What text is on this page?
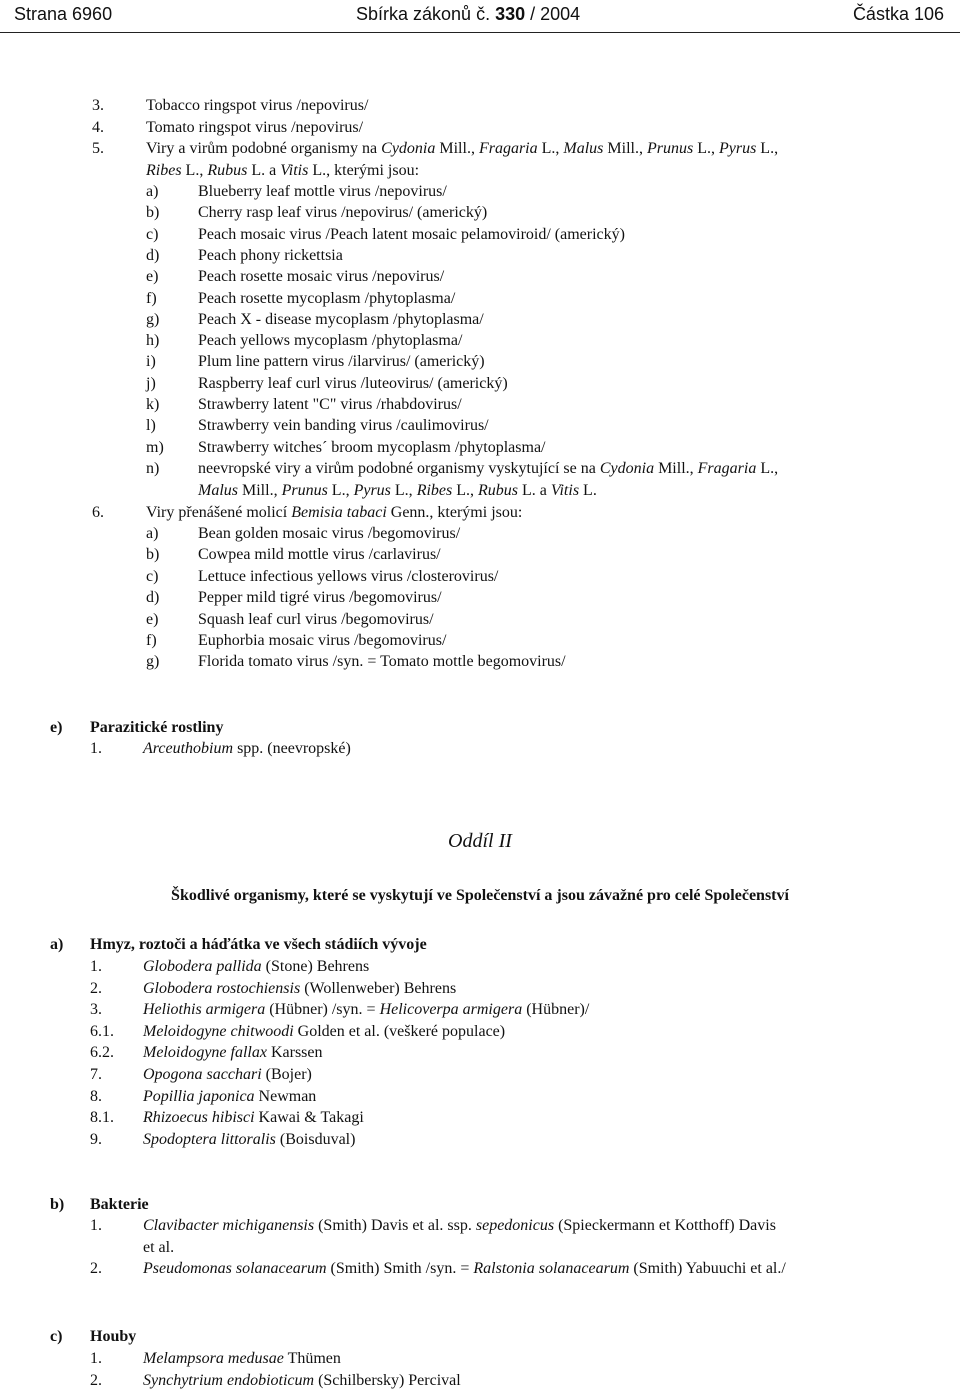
Strana 6960	Sbírka zákonů č. 330 / 2004	Částka 106
3.	Tobacco ringspot virus /nepovirus/
4.	Tomato ringspot virus /nepovirus/
5.	Viry a virům podobné organismy na Cydonia Mill., Fragaria L., Malus Mill., Prunus L., Pyrus L.,
Ribes L., Rubus L. a Vitis L., kterými jsou:
a) Blueberry leaf mottle virus /nepovirus/
b) Cherry rasp leaf virus /nepovirus/ (americký)
c) Peach mosaic virus /Peach latent mosaic pelamoviroid/ (americký)
d) Peach phony rickettsia
e) Peach rosette mosaic virus /nepovirus/
f)	Peach rosette mycoplasm /phytoplasma/
g) Peach X - disease mycoplasm /phytoplasma/
h) Peach yellows mycoplasm /phytoplasma/
i)	Plum line pattern virus /ilarvirus/ (americký)
j)	Raspberry leaf curl virus /luteovirus/ (americký)
k) Strawberry latent "C" virus /rhabdovirus/
l)	Strawberry vein banding virus /caulimovirus/
m) Strawberry witches´ broom mycoplasm /phytoplasma/
n) neevropské viry a virům podobné organismy vyskytující se na Cydonia Mill., Fragaria L.,
Malus Mill., Prunus L., Pyrus L., Ribes L., Rubus L. a Vitis L.
6.	Viry přenášené molicí Bemisia tabaci Genn., kterými jsou:
a) Bean golden mosaic virus /begomovirus/
b) Cowpea mild mottle virus /carlavirus/
c) Lettuce infectious yellows virus /closterovirus/
d) Pepper mild tigré virus /begomovirus/
e) Squash leaf curl virus /begomovirus/
f)	Euphorbia mosaic virus /begomovirus/
g) Florida tomato virus /syn. = Tomato mottle begomovirus/
e) Parazitické rostliny
1.	Arceuthobium spp. (neevropské)
Oddíl II
Škodlivé organismy, které se vyskytují ve Společenství a jsou závažné pro celé Společenství
a) Hmyz, roztoči a háďátka ve všech stádiích vývoje
1.	Globodera pallida (Stone) Behrens
2.	Globodera rostochiensis (Wollenweber) Behrens
3.	Heliothis armigera (Hübner) /syn. = Helicoverpa armigera (Hübner)/
6.1. Meloidogyne chitwoodi Golden et al. (veškeré populace)
6.2. Meloidogyne fallax Karssen
7.	Opogona sacchari (Bojer)
8.	Popillia japonica Newman
8.1. Rhizoecus hibisci Kawai & Takagi
9.	Spodoptera littoralis (Boisduval)
b) Bakterie
1.	Clavibacter michiganensis (Smith) Davis et al. ssp. sepedonicus (Spieckermann et Kotthoff) Davis
et al.
2.	Pseudomonas solanacearum (Smith) Smith /syn. = Ralstonia solanacearum (Smith) Yabuuchi et al./
c) Houby
1.	Melampsora medusae Thümen
2.	Synchytrium endobioticum (Schilbersky) Percival
